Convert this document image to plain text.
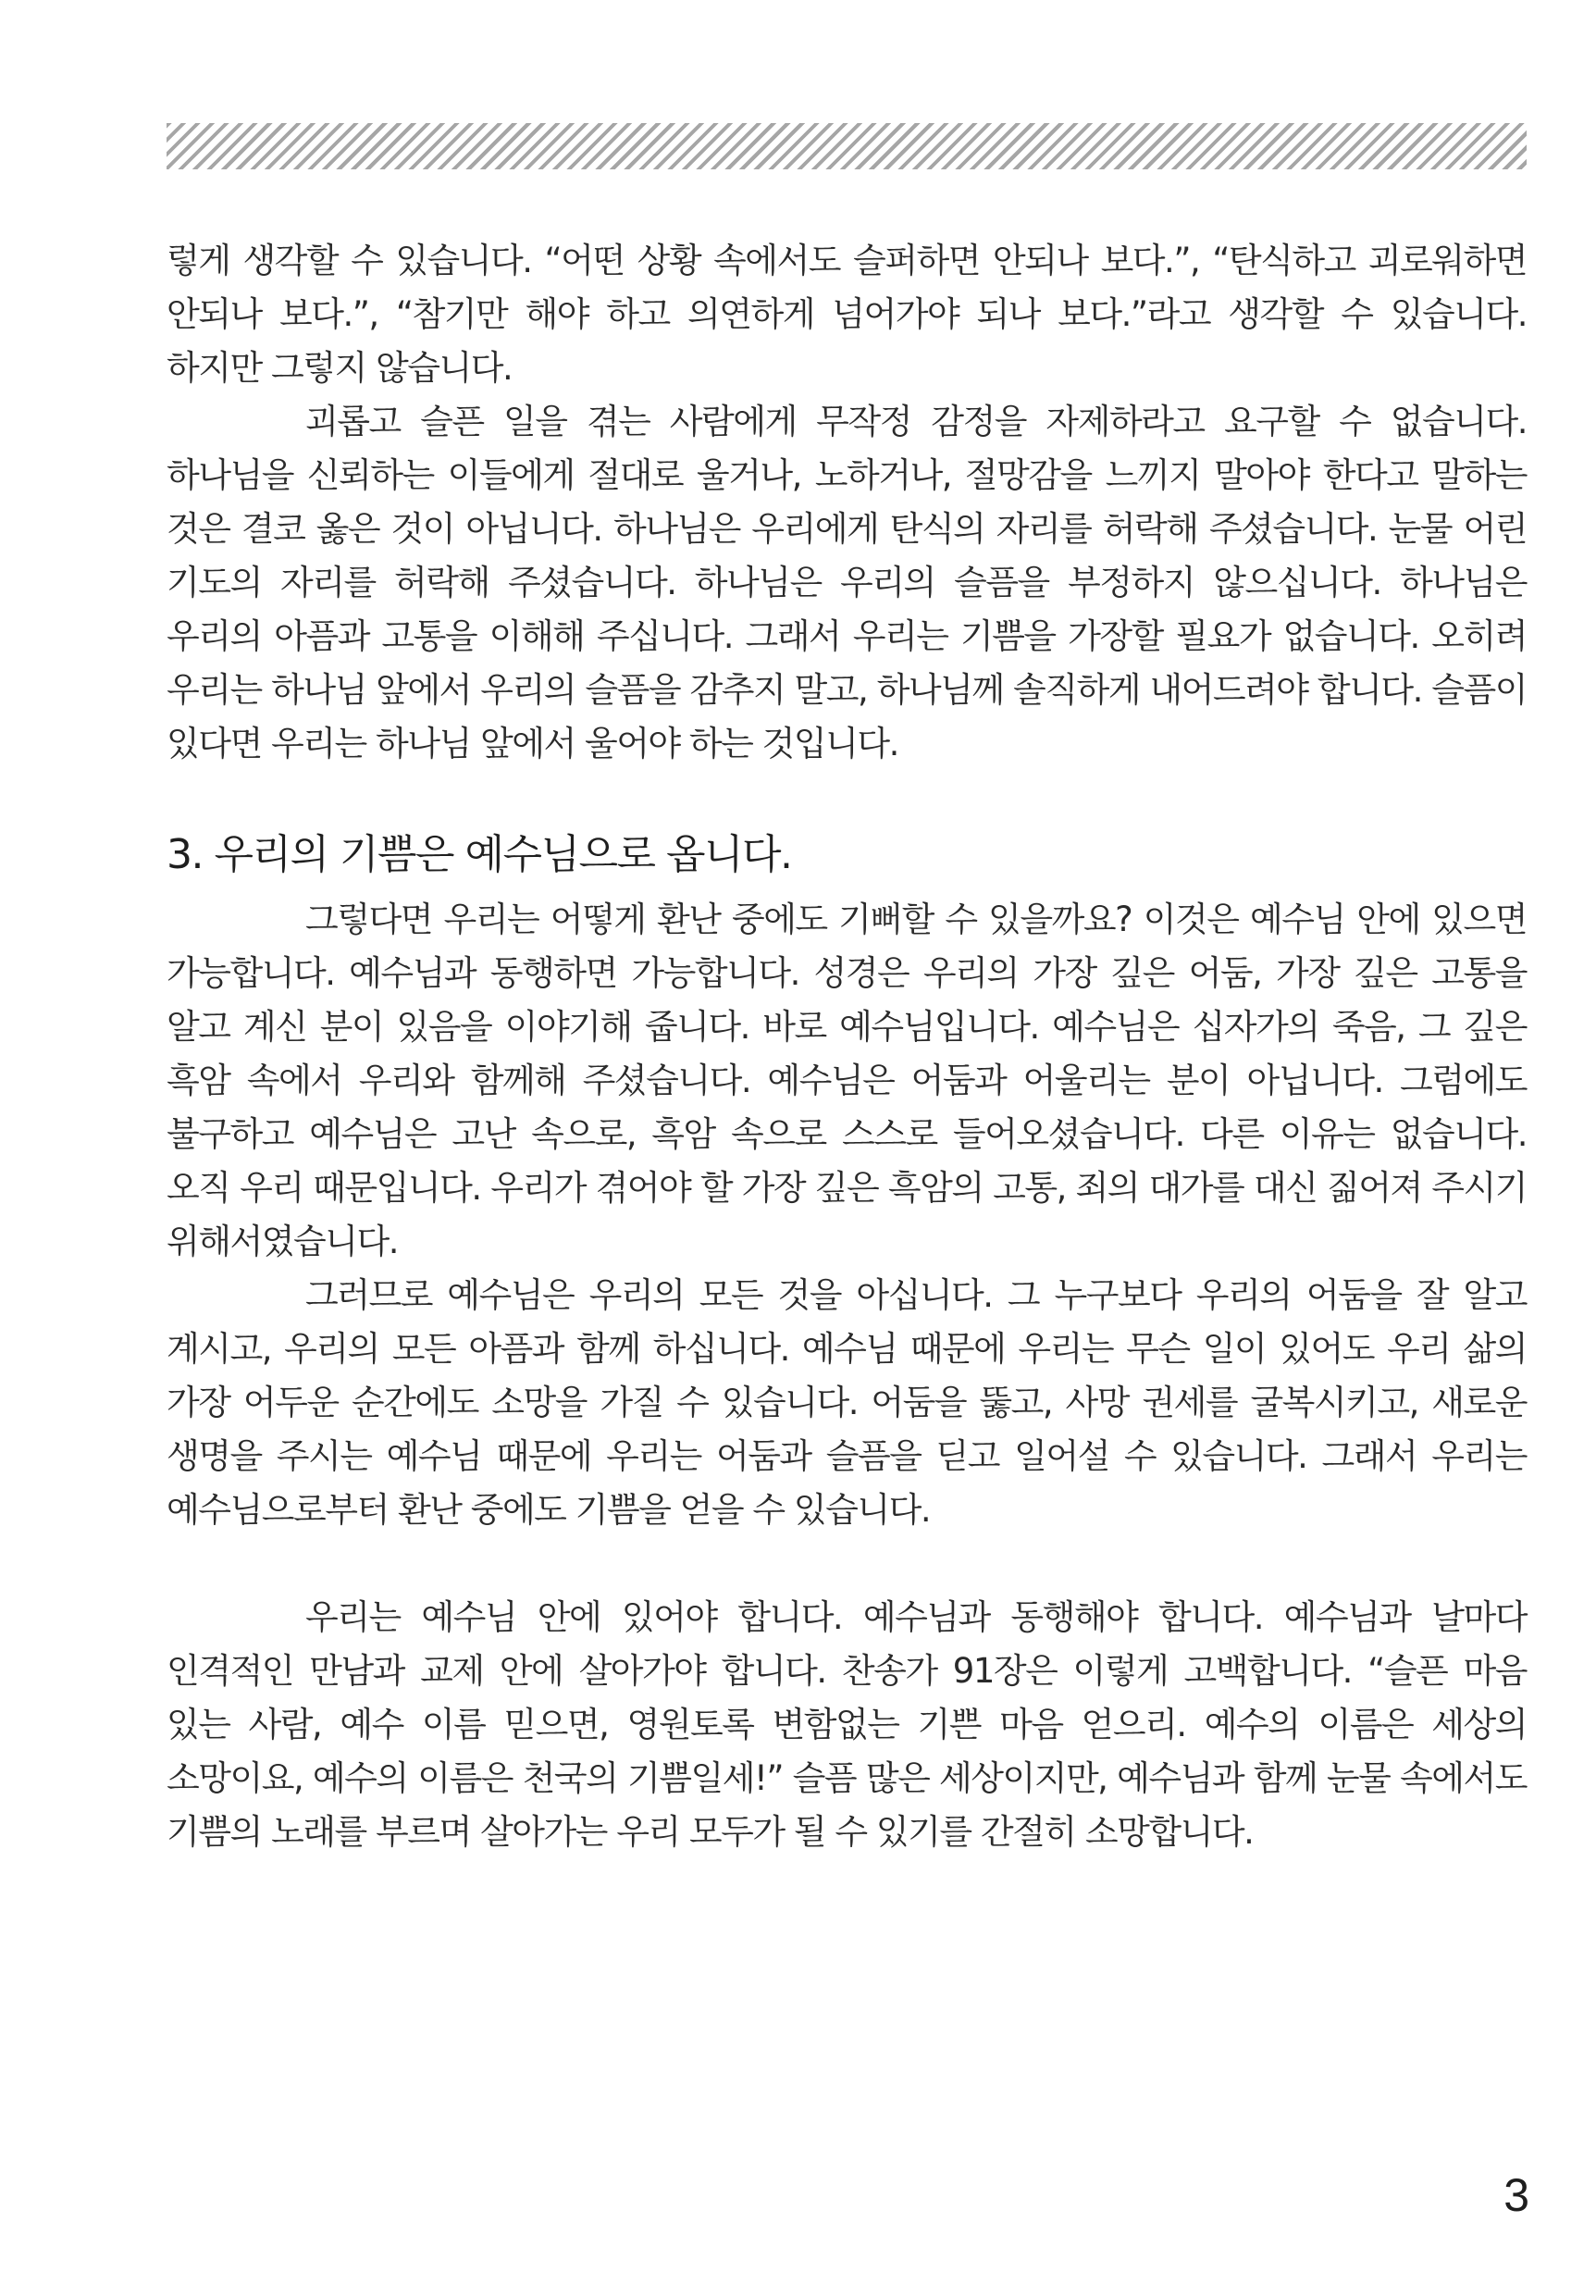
렇게 생각할 수 있습니다. “어떤 상황 속에서도 슬퍼하면 안되나 보다.”, “탄식하고 괴로워하면 안되나 보다.”, “참기만 해야 하고 의연하게 넘어가야 되나 보다.”라고 생각할 수 있습니다. 하지만 그렇지 않습니다.

괴롭고 슬픈 일을 겪는 사람에게 무작정 감정을 자제하라고 요구할 수 없습니다. 하나님을 신뢰하는 이들에게 절대로 울거나, 노하거나, 절망감을 느끼지 말아야 한다고 말하는 것은 결코 옳은 것이 아닙니다. 하나님은 우리에게 탄식의 자리를 허락해 주셨습니다. 눈물 어린 기도의 자리를 허락해 주셨습니다. 하나님은 우리의 슬픔을 부정하지 않으십니다. 하나님은 우리의 아픔과 고통을 이해해 주십니다. 그래서 우리는 기쁨을 가장할 필요가 없습니다. 오히려 우리는 하나님 앞에서 우리의 슬픔을 감추지 말고, 하나님께 솔직하게 내어드려야 합니다. 슬픔이 있다면 우리는 하나님 앞에서 울어야 하는 것입니다.

3. 우리의 기쁨은 예수님으로 옵니다.

그렇다면 우리는 어떻게 환난 중에도 기뻐할 수 있을까요? 이것은 예수님 안에 있으면 가능합니다. 예수님과 동행하면 가능합니다. 성경은 우리의 가장 깊은 어둠, 가장 깊은 고통을 알고 계신 분이 있음을 이야기해 줍니다. 바로 예수님입니다. 예수님은 십자가의 죽음, 그 깊은 흑암 속에서 우리와 함께해 주셨습니다. 예수님은 어둠과 어울리는 분이 아닙니다. 그럼에도 불구하고 예수님은 고난 속으로, 흑암 속으로 스스로 들어오셨습니다. 다른 이유는 없습니다. 오직 우리 때문입니다. 우리가 겪어야 할 가장 깊은 흑암의 고통, 죄의 대가를 대신 짊어져 주시기 위해서였습니다.

그러므로 예수님은 우리의 모든 것을 아십니다. 그 누구보다 우리의 어둠을 잘 알고 계시고, 우리의 모든 아픔과 함께 하십니다. 예수님 때문에 우리는 무슨 일이 있어도 우리 삶의 가장 어두운 순간에도 소망을 가질 수 있습니다. 어둠을 뚫고, 사망 권세를 굴복시키고, 새로운 생명을 주시는 예수님 때문에 우리는 어둠과 슬픔을 딛고 일어설 수 있습니다. 그래서 우리는 예수님으로부터 환난 중에도 기쁨을 얻을 수 있습니다.

우리는 예수님 안에 있어야 합니다. 예수님과 동행해야 합니다. 예수님과 날마다 인격적인 만남과 교제 안에 살아가야 합니다. 찬송가 91장은 이렇게 고백합니다. “슬픈 마음 있는 사람, 예수 이름 믿으면, 영원토록 변함없는 기쁜 마음 얻으리. 예수의 이름은 세상의 소망이요, 예수의 이름은 천국의 기쁨일세!” 슬픔 많은 세상이지만, 예수님과 함께 눈물 속에서도 기쁨의 노래를 부르며 살아가는 우리 모두가 될 수 있기를 간절히 소망합니다.

3
